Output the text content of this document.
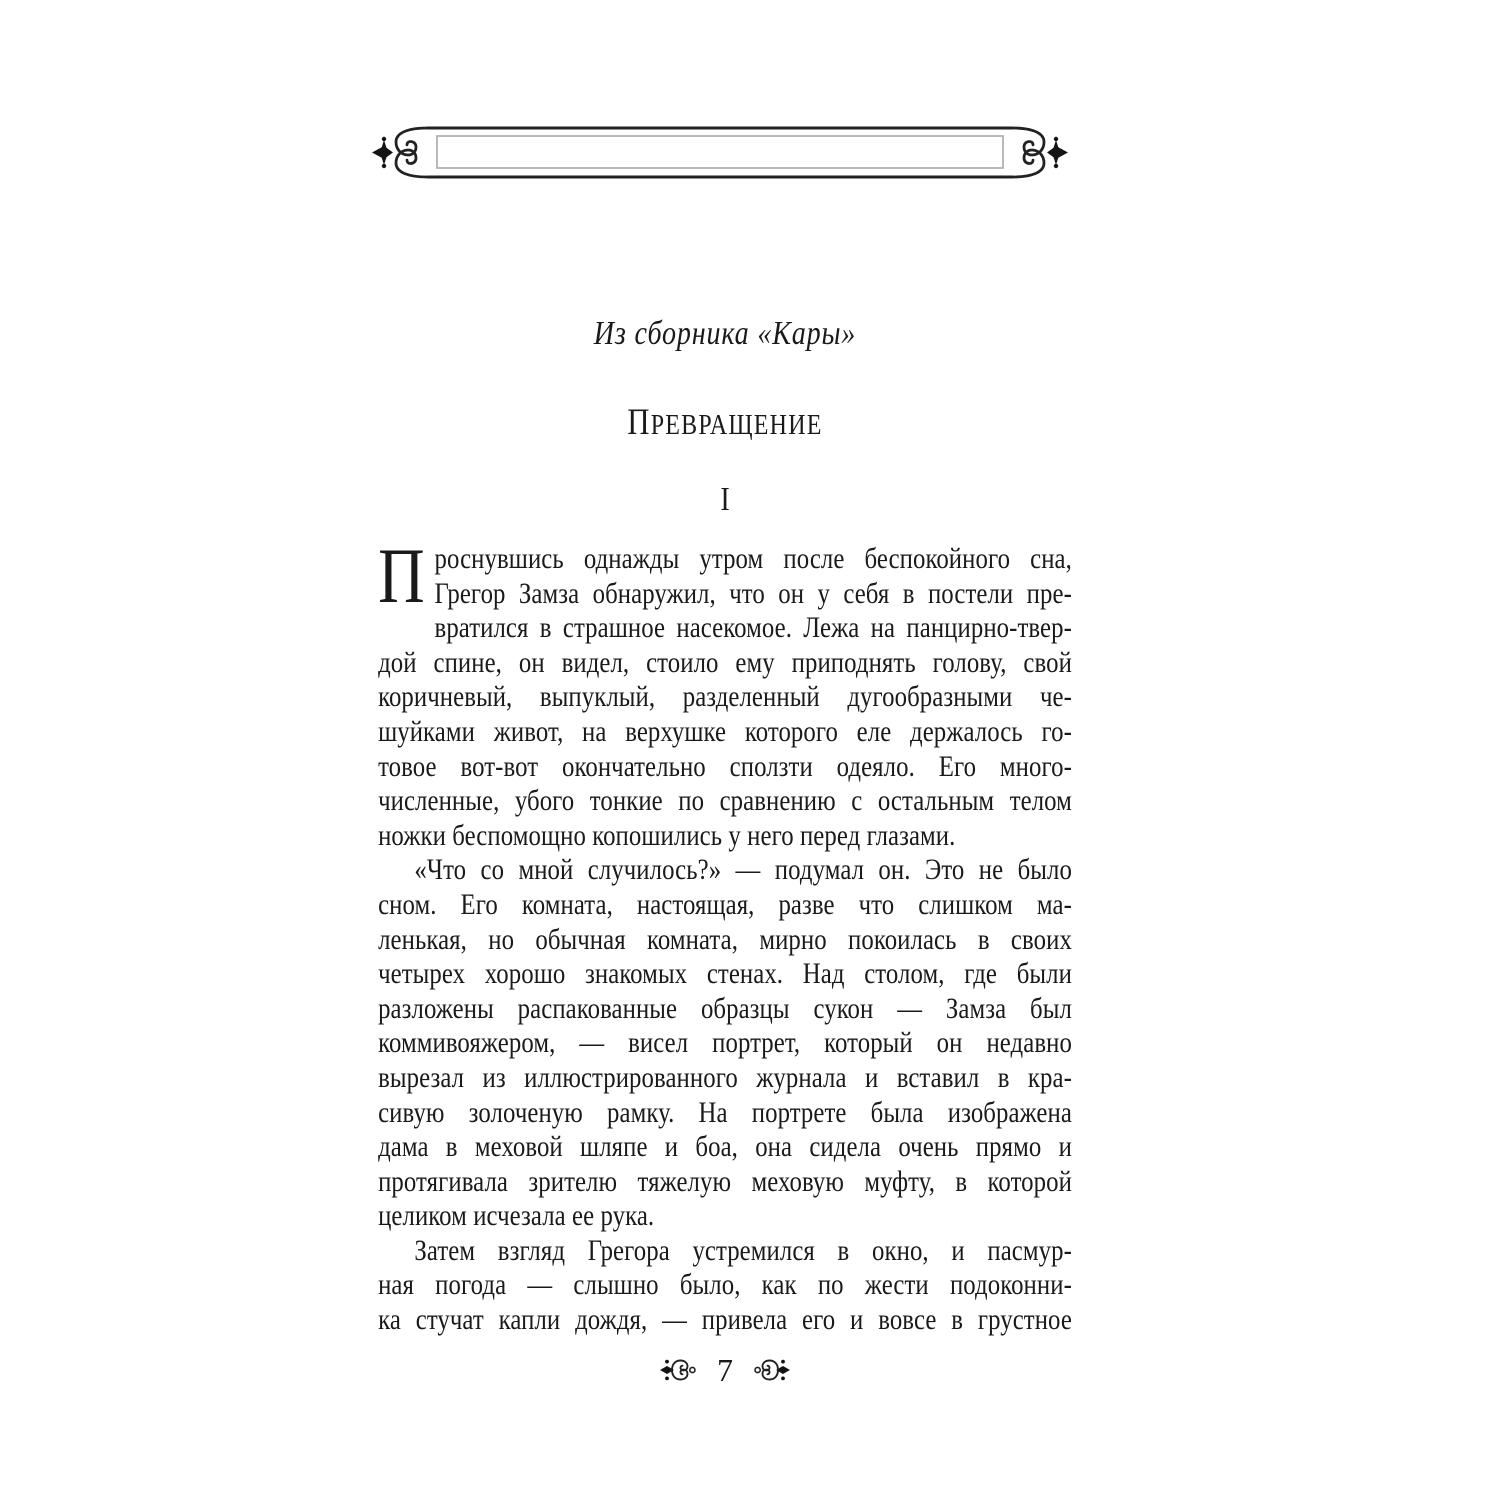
Из сборника «Кары»
ПРЕВРАЩЕНИЕ
I
П роснувшись однажды утром после беспокойного сна,
Грегор Замза обнаружил, что он у себя в постели пре-
вратился в страшное насекомое. Лежа на панцирно-твер-
дой спине, он видел, стоило ему приподнять голову, свой
коричневый, выпуклый, разделенный дугообразными че-
шуйками живот, на верхушке которого еле держалось го-
товое вот-вот окончательно сползти одеяло. Его много-
численные, убого тонкие по сравнению с остальным телом
ножки беспомощно копошились у него перед глазами.
«Что со мной случилось?» — подумал он. Это не было
сном. Его комната, настоящая, разве что слишком ма-
ленькая, но обычная комната, мирно покоилась в своих
четырех хорошо знакомых стенах. Над столом, где были
разложены распакованные образцы сукон — Замза был
коммивояжером, — висел портрет, который он недавно
вырезал из иллюстрированного журнала и вставил в кра-
сивую золоченую рамку. На портрете была изображена
дама в меховой шляпе и боа, она сидела очень прямо и
протягивала зрителю тяжелую меховую муфту, в которой
целиком исчезала ее рука.
Затем взгляд Грегора устремился в окно, и пасмур-
ная погода — слышно было, как по жести подоконни-
ка стучат капли дождя, — привела его и вовсе в грустное
7
